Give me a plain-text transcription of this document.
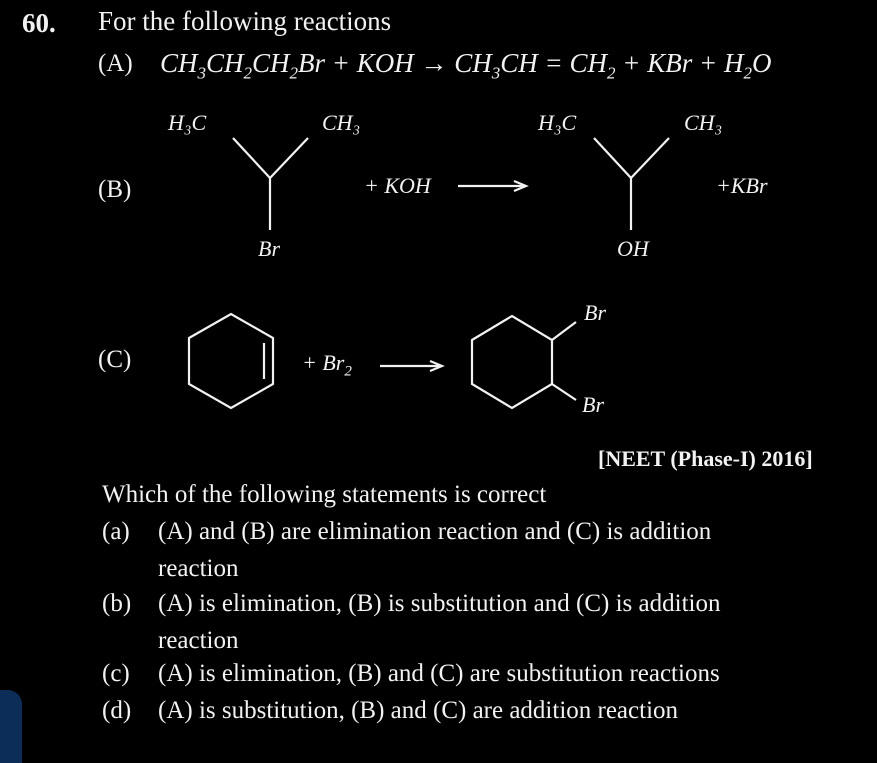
60. For the following reactions
(A) $CH_3CH_2CH_2Br$ + KOH → $CH_3CH = CH_2$ + KBr + $H_2O$
(B)
H₃C	CH₃
Br
+ KOH
H₃C	CH₃
OH
+KBr
(C)	+ $Br_2$
Br
Br
[NEET (Phase-I) 2016]
Which of the following statements is correct
(a) (A) and (B) are elimination reaction and (C) is addition
reaction
(b) (A) is elimination, (B) is substitution and (C) is addition
reaction
(c) (A) is elimination, (B) and (C) are substitution reactions
(d) (A) is substitution, (B) and (C) are addition reaction
